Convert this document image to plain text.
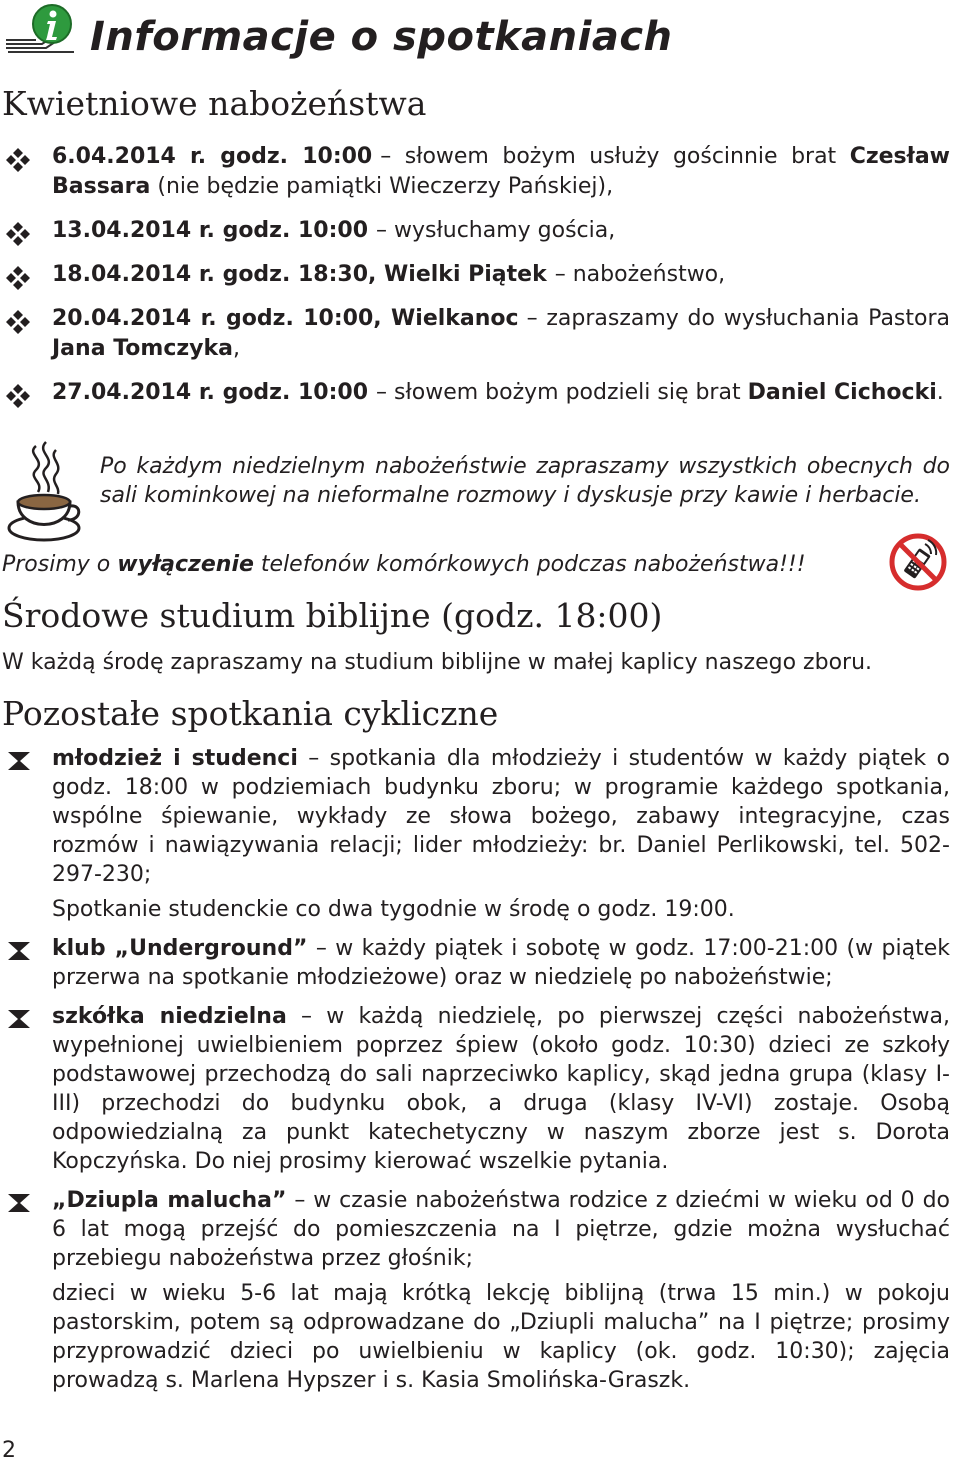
Informacje o spotkaniach
Kwietniowe nabożeństwa
6.04.2014 r. godz. 10:00 – słowem bożym usłuży gościnnie brat Czesław Bassara (nie będzie pamiątki Wieczerzy Pańskiej),
13.04.2014 r. godz. 10:00 – wysłuchamy gościa,
18.04.2014 r. godz. 18:30, Wielki Piątek – nabożeństwo,
20.04.2014 r. godz. 10:00, Wielkanoc – zapraszamy do wysłuchania Pastora Jana Tomczyka,
27.04.2014 r. godz. 10:00 – słowem bożym podzieli się brat Daniel Cichocki.
Po każdym niedzielnym nabożeństwie zapraszamy wszystkich obecnych do sali kominkowej na nieformalne rozmowy i dyskusje przy kawie i herbacie.
Prosimy o wyłączenie telefonów komórkowych podczas nabożeństwa!!!
Środowe studium biblijne (godz. 18:00)
W każdą środę zapraszamy na studium biblijne w małej kaplicy naszego zboru.
Pozostałe spotkania cykliczne

młodzież i studenci – spotkania dla młodzieży i studentów w każdy piątek o godz. 18:00 w podziemiach budynku zboru; w programie każdego spotkania, wspólne śpiewanie, wykłady ze słowa bożego, zabawy integracyjne, czas rozmów i nawiązywania relacji; lider młodzieży: br. Daniel Perlikowski, tel. 502-297-230;

Spotkanie studenckie co dwa tygodnie w środę o godz. 19:00.

klub „Underground” – w każdy piątek i sobotę w godz. 17:00-21:00 (w piątek przerwa na spotkanie młodzieżowe) oraz w niedzielę po nabożeństwie;

szkółka niedzielna – w każdą niedzielę, po pierwszej części nabożeństwa, wypełnionej uwielbieniem poprzez śpiew (około godz. 10:30) dzieci ze szkoły podstawowej przechodzą do sali naprzeciwko kaplicy, skąd jedna grupa (klasy I-III) przechodzi do budynku obok, a druga (klasy IV-VI) zostaje. Osobą odpowiedzialną za punkt katechetyczny w naszym zborze jest s. Dorota Kopczyńska. Do niej prosimy kierować wszelkie pytania.

„Dziupla malucha” – w czasie nabożeństwa rodzice z dziećmi w wieku od 0 do 6 lat mogą przejść do pomieszczenia na I piętrze, gdzie można wysłuchać przebiegu nabożeństwa przez głośnik;

dzieci w wieku 5-6 lat mają krótką lekcję biblijną (trwa 15 min.) w pokoju pastorskim, potem są odprowadzane do „Dziupli malucha” na I piętrze; prosimy przyprowadzić dzieci po uwielbieniu w kaplicy (ok. godz. 10:30); zajęcia prowadzą s. Marlena Hypszer i s. Kasia Smolińska-Graszk.

2
